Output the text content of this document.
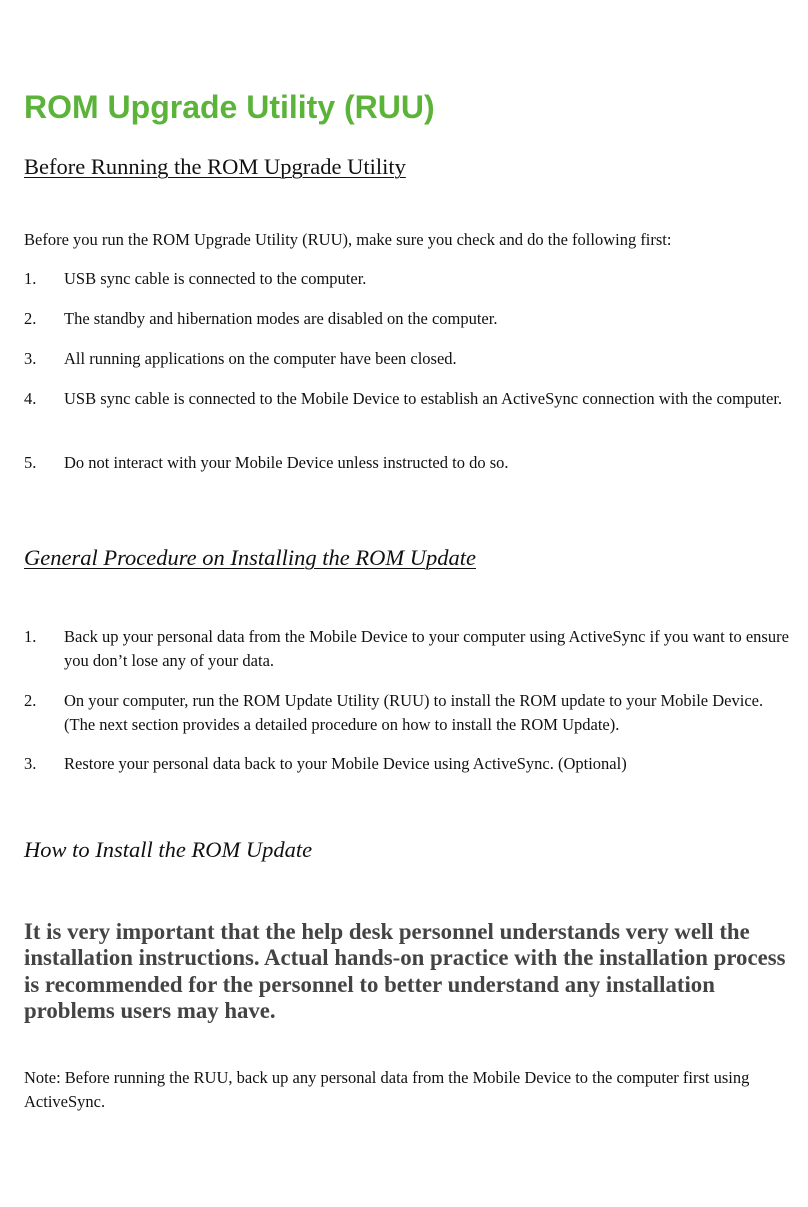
ROM Upgrade Utility (RUU)
Before Running the ROM Upgrade Utility

Before you run the ROM Upgrade Utility (RUU), make sure you check and do the following first:

1.	USB sync cable is connected to the computer.
2.	The standby and hibernation modes are disabled on the computer.
3.	All running applications on the computer have been closed.
4.	USB sync cable is connected to the Mobile Device to establish an ActiveSync connection with the computer.
5.	Do not interact with your Mobile Device unless instructed to do so.
General Procedure on Installing the ROM Update
1.	Back up your personal data from the Mobile Device to your computer using ActiveSync if you want to ensure you don’t lose any of your data.
2.	On your computer, run the ROM Update Utility (RUU) to install the ROM update to your Mobile Device. (The next section provides a detailed procedure on how to install the ROM Update).
3.	Restore your personal data back to your Mobile Device using ActiveSync. (Optional)
How to Install the ROM Update

It is very important that the help desk personnel understands very well the installation instructions. Actual hands-on practice with the installation process is recommended for the personnel to better understand any installation problems users may have.

Note: Before running the RUU, back up any personal data from the Mobile Device to the computer first using ActiveSync.
